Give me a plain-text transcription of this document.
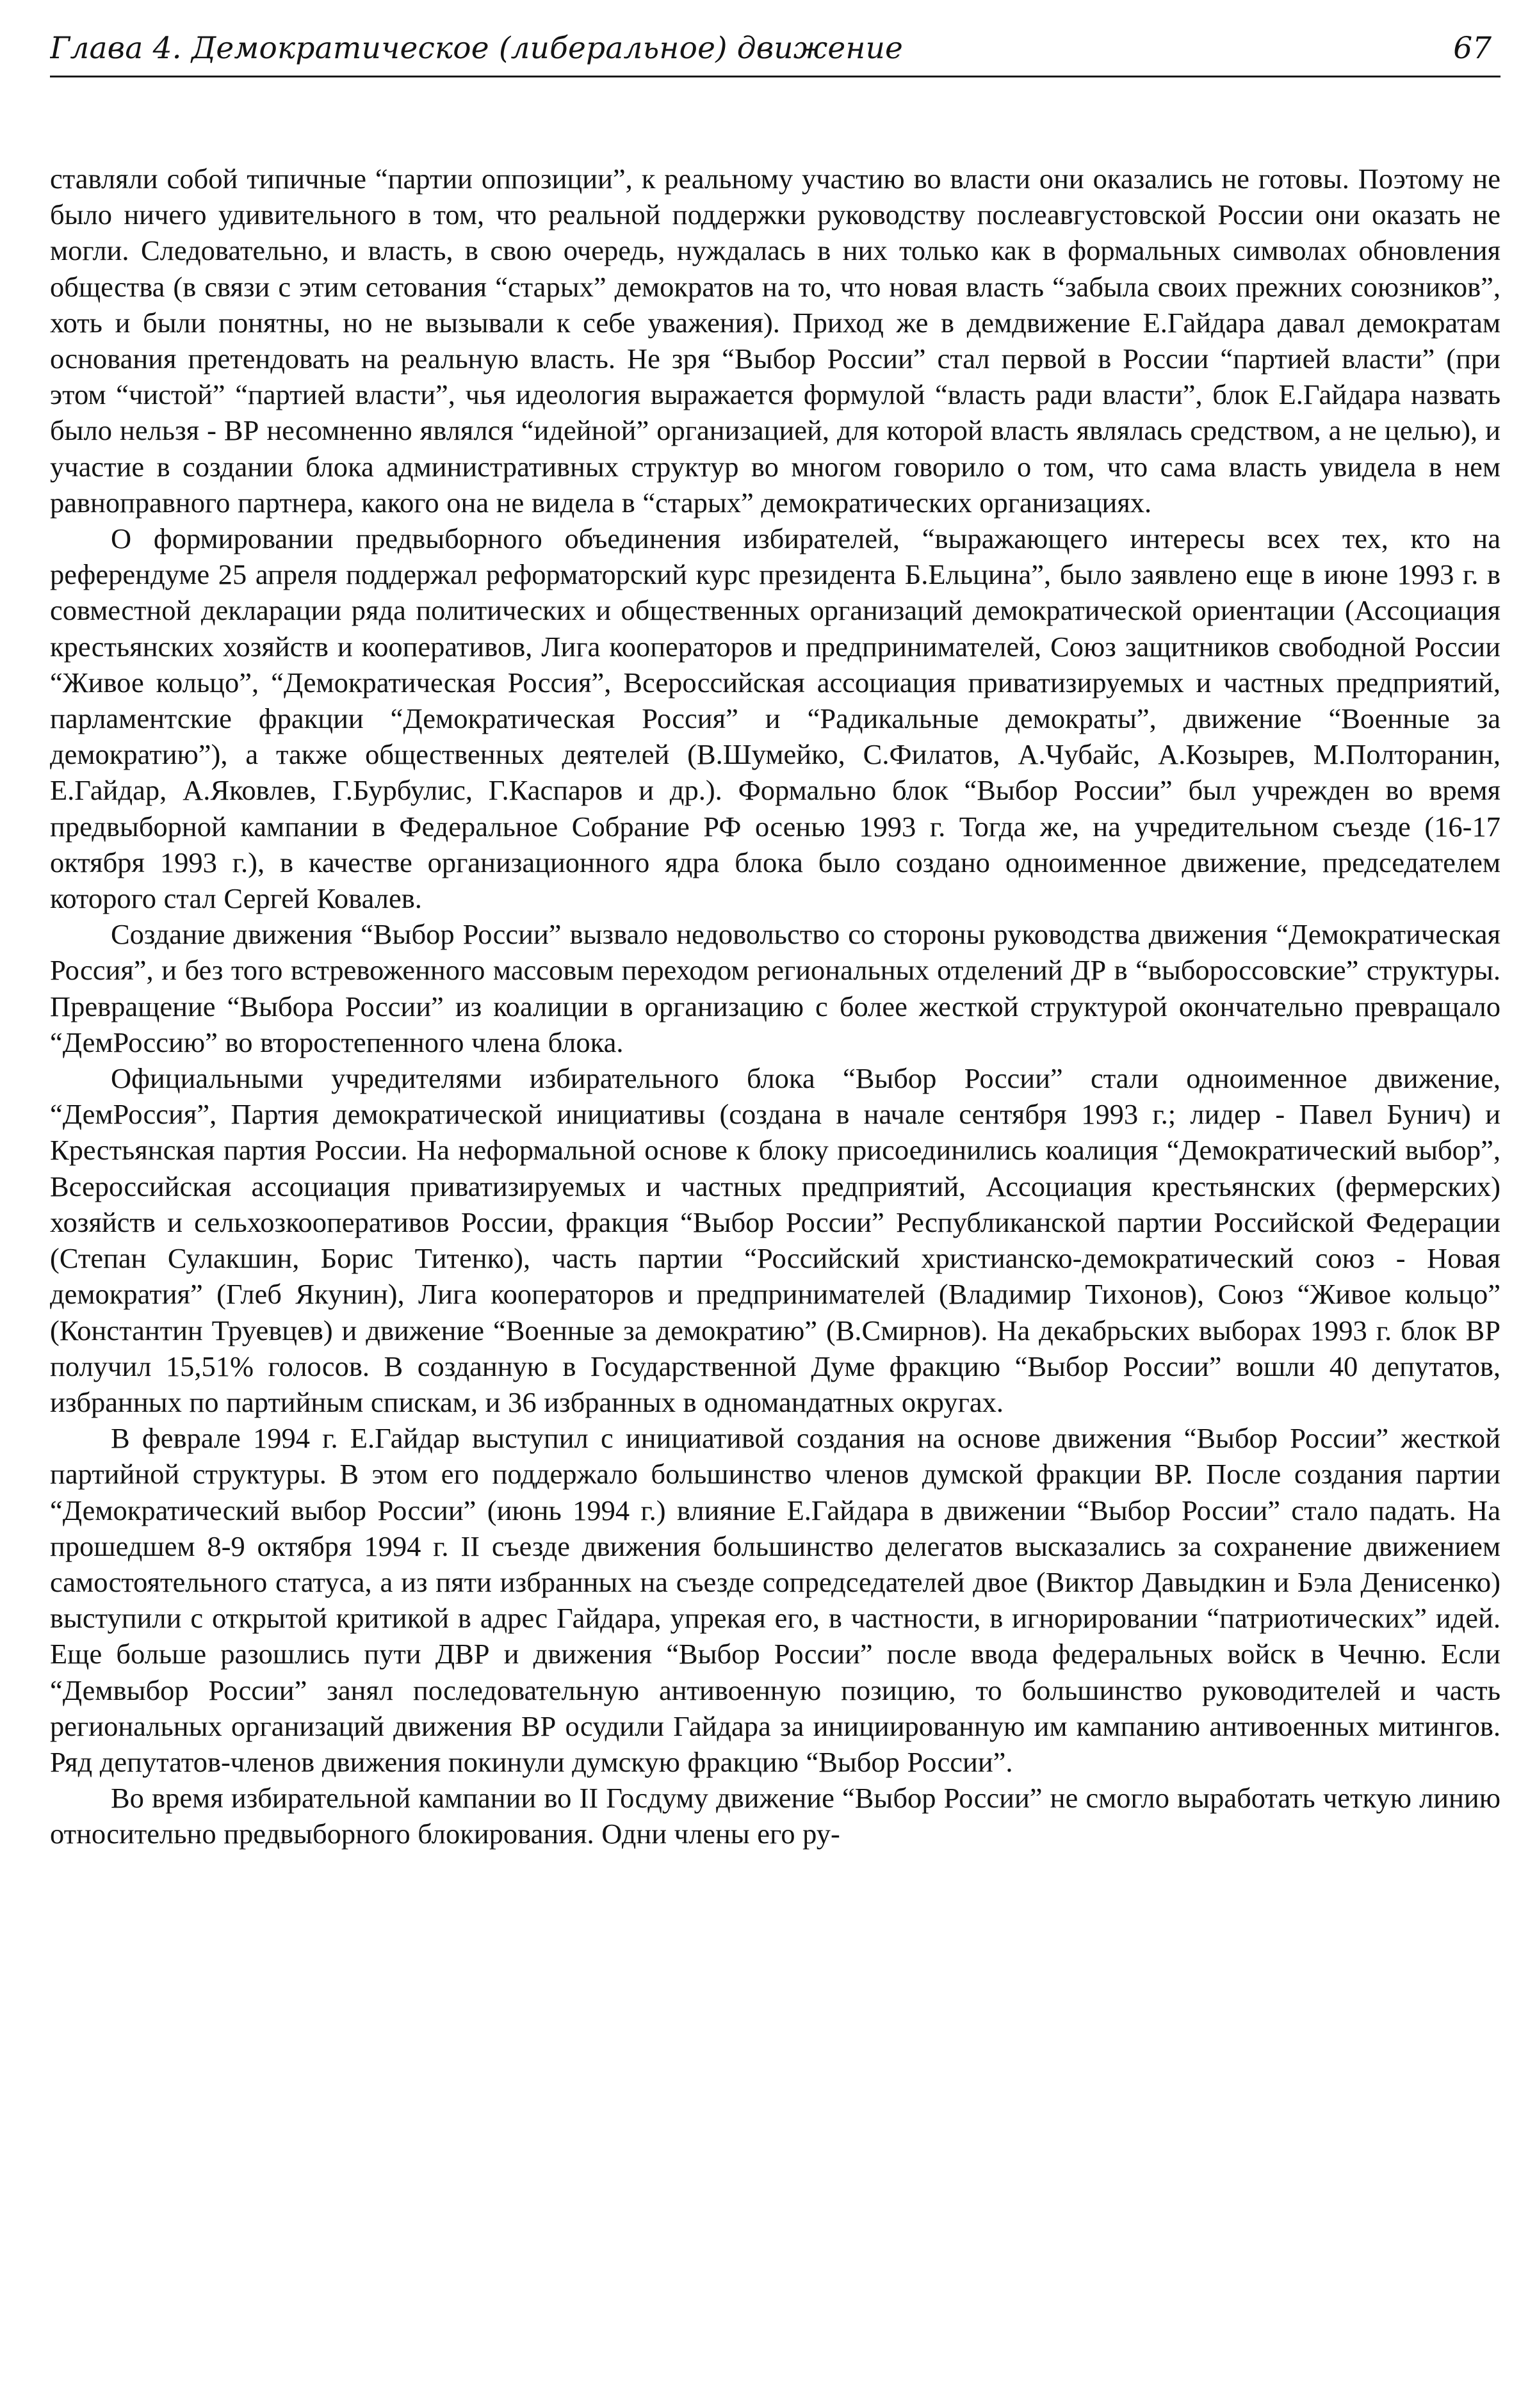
Глава 4. Демократическое (либеральное) движение	67

ставляли собой типичные “партии оппозиции”, к реальному участию во власти они оказались не готовы. Поэтому не было ничего удивительного в том, что реальной поддержки руководству послеавгустовской России они оказать не могли. Следовательно, и власть, в свою очередь, нуждалась в них только как в формальных символах обновления общества (в связи с этим сетования “старых” демократов на то, что новая власть “забыла своих прежних союзников”, хоть и были понятны, но не вызывали к себе уважения). Приход же в демдвижение Е.Гайдара давал демократам основания претендовать на реальную власть. Не зря “Выбор России” стал первой в России “партией власти” (при этом “чистой” “партией власти”, чья идеология выражается формулой “власть ради власти”, блок Е.Гайдара назвать было нельзя - ВР несомненно являлся “идейной” организацией, для которой власть являлась средством, а не целью), и участие в создании блока административных структур во многом говорило о том, что сама власть увидела в нем равноправного партнера, какого она не видела в “старых” демократических организациях.

О формировании предвыборного объединения избирателей, “выражающего интересы всех тех, кто на референдуме 25 апреля поддержал реформаторский курс президента Б.Ельцина”, было заявлено еще в июне 1993 г. в совместной декларации ряда политических и общественных организаций демократической ориентации (Ассоциация крестьянских хозяйств и кооперативов, Лига кооператоров и предпринимателей, Союз защитников свободной России “Живое кольцо”, “Демократическая Россия”, Всероссийская ассоциация приватизируемых и частных предприятий, парламентские фракции “Демократическая Россия” и “Радикальные демократы”, движение “Военные за демократию”), а также общественных деятелей (В.Шумейко, С.Филатов, А.Чубайс, А.Козырев, М.Полторанин, Е.Гайдар, А.Яковлев, Г.Бурбулис, Г.Каспаров и др.). Формально блок “Выбор России” был учрежден во время предвыборной кампании в Федеральное Собрание РФ осенью 1993 г. Тогда же, на учредительном съезде (16-17 октября 1993 г.), в качестве организационного ядра блока было создано одноименное движение, председателем которого стал Сергей Ковалев.

Создание движения “Выбор России” вызвало недовольство со стороны руководства движения “Демократическая Россия”, и без того встревоженного массовым переходом региональных отделений ДР в “выбороссовские” структуры. Превращение “Выбора России” из коалиции в организацию с более жесткой структурой окончательно превращало “ДемРоссию” во второстепенного члена блока.

Официальными учредителями избирательного блока “Выбор России” стали одноименное движение, “ДемРоссия”, Партия демократической инициативы (создана в начале сентября 1993 г.; лидер - Павел Бунич) и Крестьянская партия России. На неформальной основе к блоку присоединились коалиция “Демократический выбор”, Всероссийская ассоциация приватизируемых и частных предприятий, Ассоциация крестьянских (фермерских) хозяйств и сельхозкооперативов России, фракция “Выбор России” Республиканской партии Российской Федерации (Степан Сулакшин, Борис Титенко), часть партии “Российский христианско-демократический союз - Новая демократия” (Глеб Якунин), Лига кооператоров и предпринимателей (Владимир Тихонов), Союз “Живое кольцо” (Константин Труевцев) и движение “Военные за демократию” (В.Смирнов). На декабрьских выборах 1993 г. блок ВР получил 15,51% голосов. В созданную в Государственной Думе фракцию “Выбор России” вошли 40 депутатов, избранных по партийным спискам, и 36 избранных в одномандатных округах.

В феврале 1994 г. Е.Гайдар выступил с инициативой создания на основе движения “Выбор России” жесткой партийной структуры. В этом его поддержало большинство членов думской фракции ВР. После создания партии “Демократический выбор России” (июнь 1994 г.) влияние Е.Гайдара в движении “Выбор России” стало падать. На прошедшем 8-9 октября 1994 г. II съезде движения большинство делегатов высказались за сохранение движением самостоятельного статуса, а из пяти избранных на съезде сопредседателей двое (Виктор Давыдкин и Бэла Денисенко) выступили с открытой критикой в адрес Гайдара, упрекая его, в частности, в игнорировании “патриотических” идей. Еще больше разошлись пути ДВР и движения “Выбор России” после ввода федеральных войск в Чечню. Если “Демвыбор России” занял последовательную антивоенную позицию, то большинство руководителей и часть региональных организаций движения ВР осудили Гайдара за инициированную им кампанию антивоенных митингов. Ряд депутатов-членов движения покинули думскую фракцию “Выбор России”.

Во время избирательной кампании во II Госдуму движение “Выбор России” не смогло выработать четкую линию относительно предвыборного блокирования. Одни члены его ру-
